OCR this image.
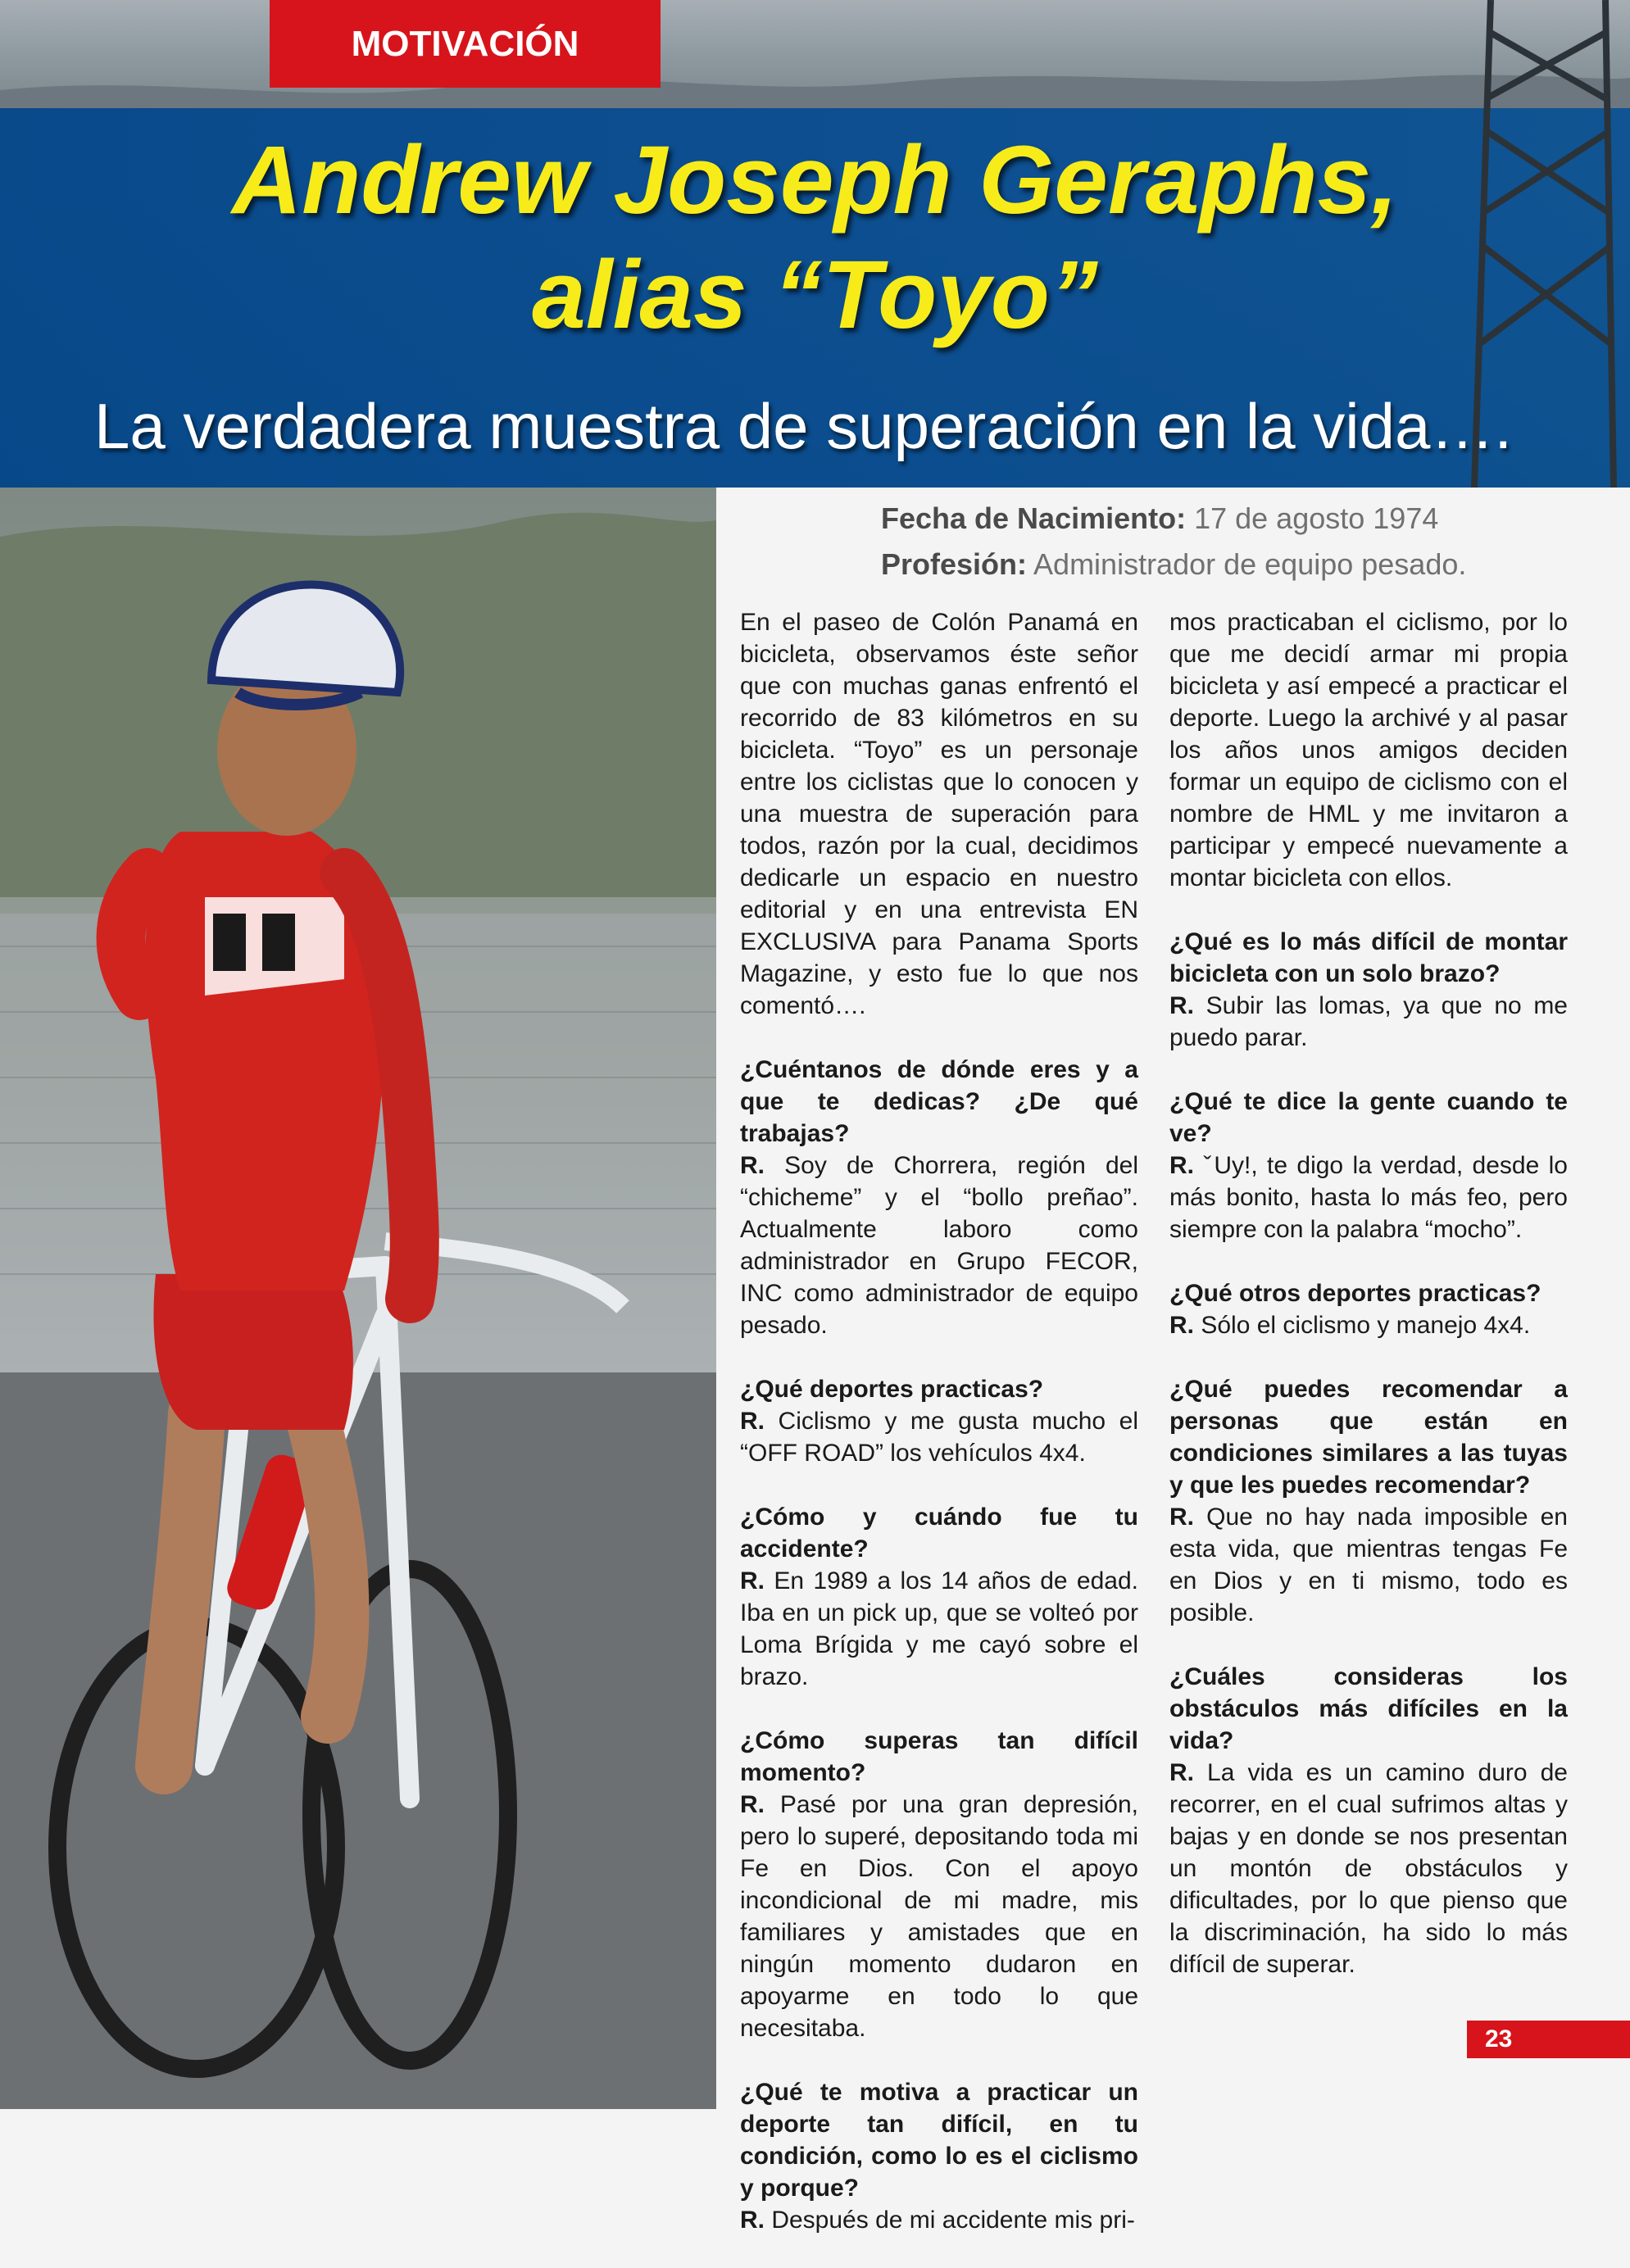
MOTIVACIÓN
Andrew Joseph Geraphs,
alias “Toyo”
La verdadera muestra de superación en la vida….
Fecha de Nacimiento: 17 de agosto 1974
Profesión: Administrador de equipo pesado.

En el paseo de Colón Panamá en bicicleta, observamos éste señor que con muchas ganas enfrentó el recorrido de 83 kilómetros en su bicicleta. “Toyo” es un personaje entre los ciclistas que lo conocen y una muestra de superación para todos, razón por la cual, decidimos dedicarle un espacio en nuestro editorial y en una entrevista EN EXCLUSIVA para Panama Sports Magazine, y esto fue lo que nos comentó….

¿Cuéntanos de dónde eres y a que te dedicas? ¿De qué trabajas?
R. Soy de Chorrera, región del “chicheme” y el “bollo preñao”. Actualmente laboro como administrador en Grupo FECOR, INC como administrador de equipo pesado.

¿Qué deportes practicas?
R. Ciclismo y me gusta mucho el “OFF ROAD” los vehículos 4x4.

¿Cómo y cuándo fue tu accidente?
R. En 1989 a los 14 años de edad. Iba en un pick up, que se volteó por Loma Brígida y me cayó sobre el brazo.

¿Cómo superas tan difícil momento?
R. Pasé por una gran depresión, pero lo superé, depositando toda mi Fe en Dios. Con el apoyo incondicional de mi madre, mis familiares y amistades que en ningún momento dudaron en apoyarme en todo lo que necesitaba.

¿Qué te motiva a practicar un deporte tan difícil, en tu condición, como lo es el ciclismo y porque?
R. Después de mi accidente mis pri-

mos practicaban el ciclismo, por lo que me decidí armar mi propia bicicleta y así empecé a practicar el deporte. Luego la archivé y al pasar los años unos amigos deciden formar un equipo de ciclismo con el nombre de HML y me invitaron a participar y empecé nuevamente a montar bicicleta con ellos.

¿Qué es lo más difícil de montar bicicleta con un solo brazo?
R. Subir las lomas, ya que no me puedo parar.

¿Qué te dice la gente cuando te ve?
R. ˇUy!, te digo la verdad, desde lo más bonito, hasta lo más feo, pero siempre con la palabra “mocho”.

¿Qué otros deportes practicas?
R. Sólo el ciclismo y manejo 4x4.

¿Qué puedes recomendar a personas que están en condiciones similares a las tuyas y que les puedes recomendar?
R. Que no hay nada imposible en esta vida, que mientras tengas Fe en Dios y en ti mismo, todo es posible.

¿Cuáles consideras los obstáculos más difíciles en la vida?
R. La vida es un camino duro de recorrer, en el cual sufrimos altas y bajas y en donde se nos presentan un montón de obstáculos y dificultades, por lo que pienso que la discriminación, ha sido lo más difícil de superar.

23
